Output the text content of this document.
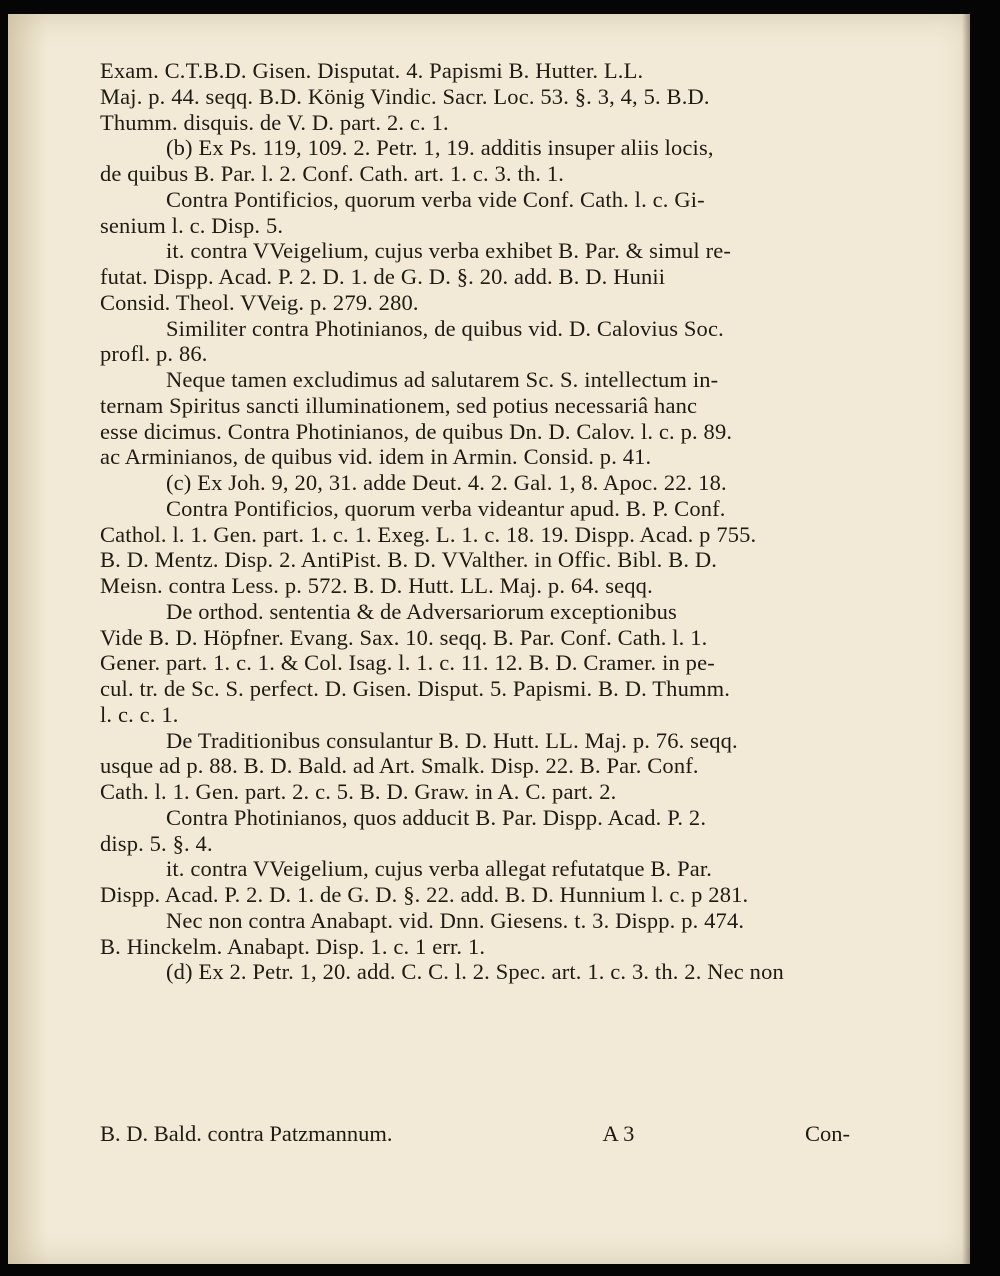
Exam. C.T.B.D. Gisen. Disputat. 4. Papismi B. Hutter. L.L.
Maj. p. 44. seqq. B.D. König Vindic. Sacr. Loc. 53. §. 3, 4, 5. B.D.
Thumm. disquis. de V. D. part. 2. c. 1.
(b) Ex Ps. 119, 109. 2. Petr. 1, 19. additis insuper aliis locis,
de quibus B. Par. l. 2. Conf. Cath. art. 1. c. 3. th. 1.
Contra Pontificios, quorum verba vide Conf. Cath. l. c. Gi-
senium l. c. Disp. 5.
it. contra VVeigelium, cujus verba exhibet B. Par. & simul re-
futat. Dispp. Acad. P. 2. D. 1. de G. D. §. 20. add. B. D. Hunii
Consid. Theol. VVeig. p. 279. 280.
Similiter contra Photinianos, de quibus vid. D. Calovius Soc.
profl. p. 86.
Neque tamen excludimus ad salutarem Sc. S. intellectum in-
ternam Spiritus sancti illuminationem, sed potius necessariâ hanc
esse dicimus. Contra Photinianos, de quibus Dn. D. Calov. l. c. p. 89.
ac Arminianos, de quibus vid. idem in Armin. Consid. p. 41.
(c) Ex Joh. 9, 20, 31. adde Deut. 4. 2. Gal. 1, 8. Apoc. 22. 18.
Contra Pontificios, quorum verba videantur apud. B. P. Conf.
Cathol. l. 1. Gen. part. 1. c. 1. Exeg. L. 1. c. 18. 19. Dispp. Acad. p 755.
B. D. Mentz. Disp. 2. AntiPist. B. D. VValther. in Offic. Bibl. B. D.
Meisn. contra Less. p. 572. B. D. Hutt. LL. Maj. p. 64. seqq.
De orthod. sententia & de Adversariorum exceptionibus
Vide B. D. Höpfner. Evang. Sax. 10. seqq. B. Par. Conf. Cath. l. 1.
Gener. part. 1. c. 1. & Col. Isag. l. 1. c. 11. 12. B. D. Cramer. in pe-
cul. tr. de Sc. S. perfect. D. Gisen. Disput. 5. Papismi. B. D. Thumm.
l. c. c. 1.
De Traditionibus consulantur B. D. Hutt. LL. Maj. p. 76. seqq.
usque ad p. 88. B. D. Bald. ad Art. Smalk. Disp. 22. B. Par. Conf.
Cath. l. 1. Gen. part. 2. c. 5. B. D. Graw. in A. C. part. 2.
Contra Photinianos, quos adducit B. Par. Dispp. Acad. P. 2.
disp. 5. §. 4.
it. contra VVeigelium, cujus verba allegat refutatque B. Par.
Dispp. Acad. P. 2. D. 1. de G. D. §. 22. add. B. D. Hunnium l. c. p 281.
Nec non contra Anabapt. vid. Dnn. Giesens. t. 3. Dispp. p. 474.
B. Hinckelm. Anabapt. Disp. 1. c. 1 err. 1.
(d) Ex 2. Petr. 1, 20. add. C. C. l. 2. Spec. art. 1. c. 3. th. 2. Nec non
B. D. Bald. contra Patzmannum.	A 3	Con-
